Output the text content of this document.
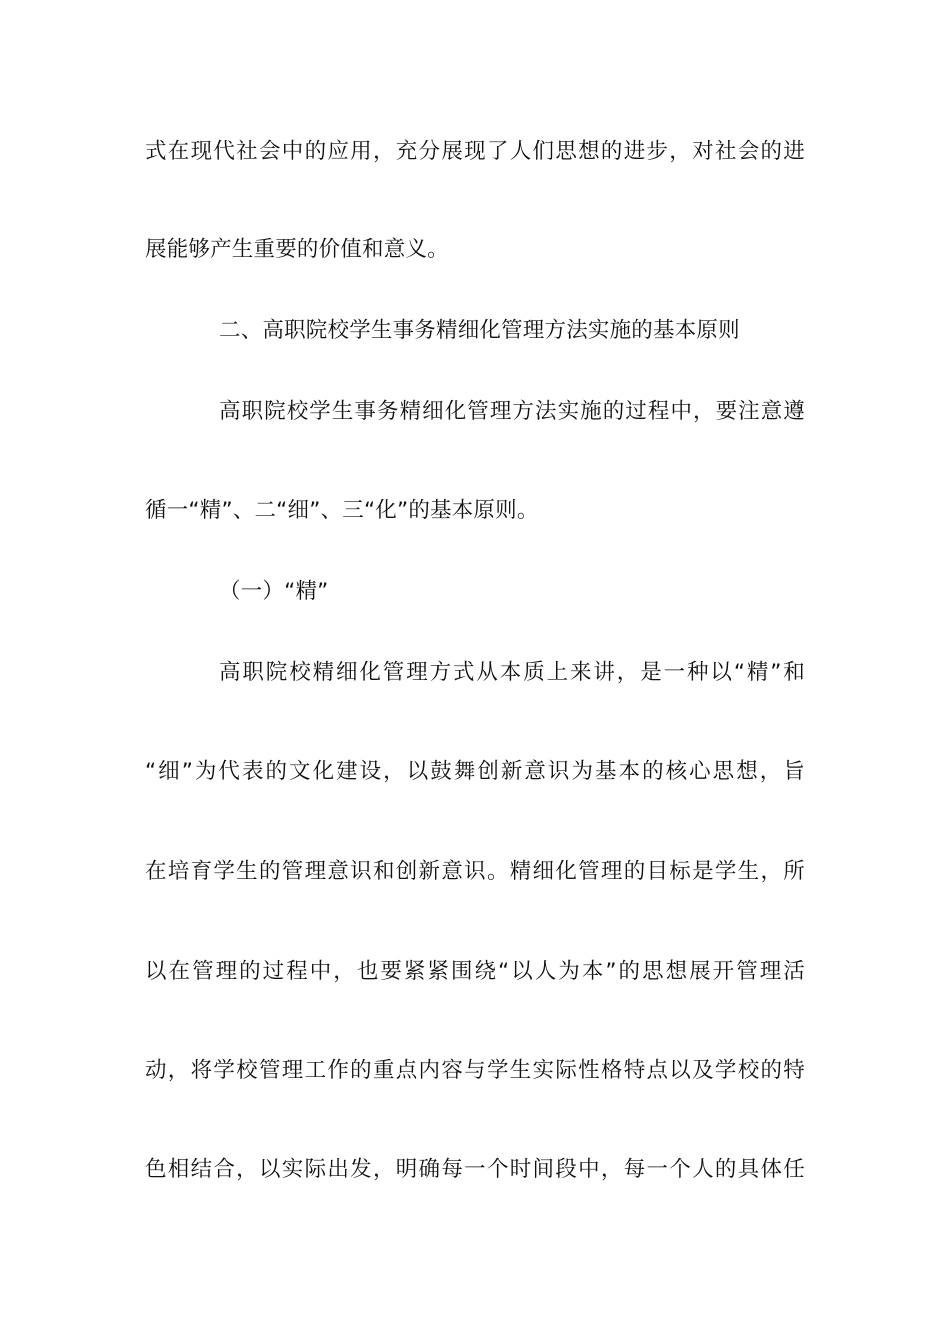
式在现代社会中的应用，充分展现了人们思想的进步，对社会的进
展能够产生重要的价值和意义。
二、高职院校学生事务精细化管理方法实施的基本原则
高职院校学生事务精细化管理方法实施的过程中，要注意遵
循一“精”、二“细”、三“化”的基本原则。
（一）“精”
高职院校精细化管理方式从本质上来讲，是一种以“精”和
“细”为代表的文化建设，以鼓舞创新意识为基本的核心思想，旨
在培育学生的管理意识和创新意识。精细化管理的目标是学生，所
以在管理的过程中，也要紧紧围绕“以人为本”的思想展开管理活
动，将学校管理工作的重点内容与学生实际性格特点以及学校的特
色相结合，以实际出发，明确每一个时间段中，每一个人的具体任
